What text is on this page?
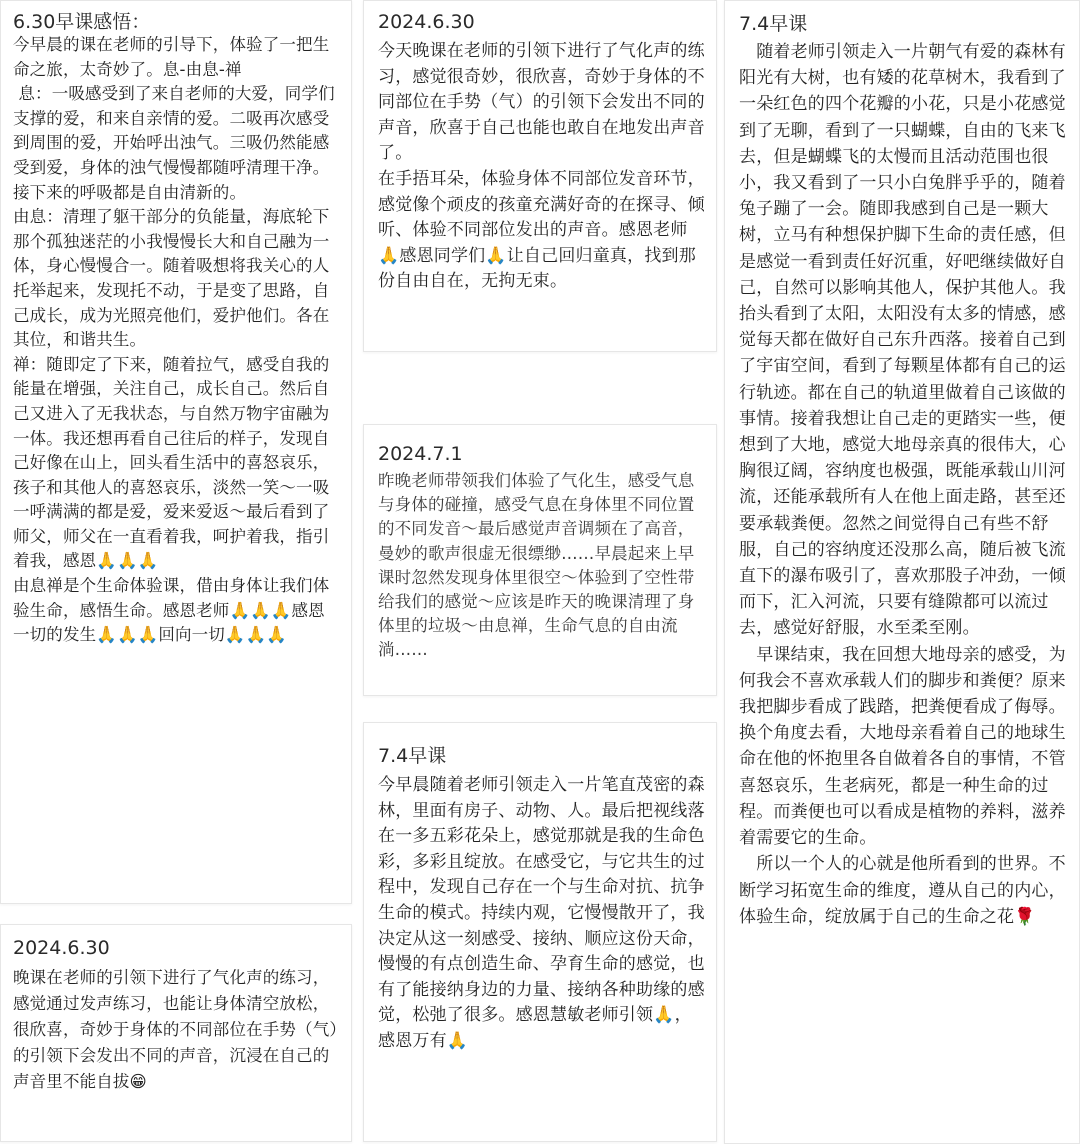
6.30早课感悟：

今早晨的课在老师的引导下，体验了一把生命之旅，太奇妙了。息-由息-禅

息：一吸感受到了来自老师的大爱，同学们支撑的爱，和来自亲情的爱。二吸再次感受到周围的爱，开始呼出浊气。三吸仍然能感受到爱，身体的浊气慢慢都随呼清理干净。接下来的呼吸都是自由清新的。

由息：清理了躯干部分的负能量，海底轮下那个孤独迷茫的小我慢慢长大和自己融为一体，身心慢慢合一。随着吸想将我关心的人托举起来，发现托不动，于是变了思路，自己成长，成为光照亮他们，爱护他们。各在其位，和谐共生。

禅：随即定了下来，随着拉气，感受自我的能量在增强，关注自己，成长自己。然后自己又进入了无我状态，与自然万物宇宙融为一体。我还想再看自己往后的样子，发现自己好像在山上，回头看生活中的喜怒哀乐，孩子和其他人的喜怒哀乐，淡然一笑～一吸一呼满满的都是爱，爱来爱返～最后看到了师父，师父在一直看着我，呵护着我，指引着我，感恩🙏🙏🙏

由息禅是个生命体验课，借由身体让我们体验生命，感悟生命。感恩老师🙏🙏🙏感恩一切的发生🙏🙏🙏回向一切🙏🙏🙏

2024.6.30

晚课在老师的引领下进行了气化声的练习，感觉通过发声练习，也能让身体清空放松，很欣喜，奇妙于身体的不同部位在手势（气）的引领下会发出不同的声音，沉浸在自己的声音里不能自拔😁

2024.6.30

今天晚课在老师的引领下进行了气化声的练习，感觉很奇妙，很欣喜，奇妙于身体的不同部位在手势（气）的引领下会发出不同的声音，欣喜于自己也能也敢自在地发出声音了。

在手捂耳朵，体验身体不同部位发音环节，感觉像个顽皮的孩童充满好奇的在探寻、倾听、体验不同部位发出的声音。感恩老师🙏感恩同学们🙏让自己回归童真，找到那份自由自在，无拘无束。

2024.7.1

昨晚老师带领我们体验了气化生，感受气息与身体的碰撞，感受气息在身体里不同位置的不同发音～最后感觉声音调频在了高音，曼妙的歌声很虚无很缥缈……早晨起来上早课时忽然发现身体里很空～体验到了空性带给我们的感觉～应该是昨天的晚课清理了身体里的垃圾～由息禅，生命气息的自由流淌……

7.4早课

今早晨随着老师引领走入一片笔直茂密的森林，里面有房子、动物、人。最后把视线落在一多五彩花朵上，感觉那就是我的生命色彩，多彩且绽放。在感受它，与它共生的过程中，发现自己存在一个与生命对抗、抗争生命的模式。持续内观，它慢慢散开了，我决定从这一刻感受、接纳、顺应这份天命，慢慢的有点创造生命、孕育生命的感觉，也有了能接纳身边的力量、接纳各种助缘的感觉，松弛了很多。感恩慧敏老师引领🙏，感恩万有🙏

7.4早课

　随着老师引领走入一片朝气有爱的森林有阳光有大树，也有矮的花草树木，我看到了一朵红色的四个花瓣的小花，只是小花感觉到了无聊，看到了一只蝴蝶，自由的飞来飞去，但是蝴蝶飞的太慢而且活动范围也很小，我又看到了一只小白兔胖乎乎的，随着兔子蹦了一会。随即我感到自己是一颗大树，立马有种想保护脚下生命的责任感，但是感觉一看到责任好沉重，好吧继续做好自己，自然可以影响其他人，保护其他人。我抬头看到了太阳，太阳没有太多的情感，感觉每天都在做好自己东升西落。接着自己到了宇宙空间，看到了每颗星体都有自己的运行轨迹。都在自己的轨道里做着自己该做的事情。接着我想让自己走的更踏实一些，便想到了大地，感觉大地母亲真的很伟大，心胸很辽阔，容纳度也极强，既能承载山川河流，还能承载所有人在他上面走路，甚至还要承载粪便。忽然之间觉得自己有些不舒服，自己的容纳度还没那么高，随后被飞流直下的瀑布吸引了，喜欢那股子冲劲，一倾而下，汇入河流，只要有缝隙都可以流过去，感觉好舒服，水至柔至刚。

　早课结束，我在回想大地母亲的感受，为何我会不喜欢承载人们的脚步和粪便？原来我把脚步看成了践踏，把粪便看成了侮辱。换个角度去看，大地母亲看着自己的地球生命在他的怀抱里各自做着各自的事情，不管喜怒哀乐，生老病死，都是一种生命的过程。而粪便也可以看成是植物的养料，滋养着需要它的生命。

　所以一个人的心就是他所看到的世界。不断学习拓宽生命的维度，遵从自己的内心，体验生命，绽放属于自己的生命之花🌹
